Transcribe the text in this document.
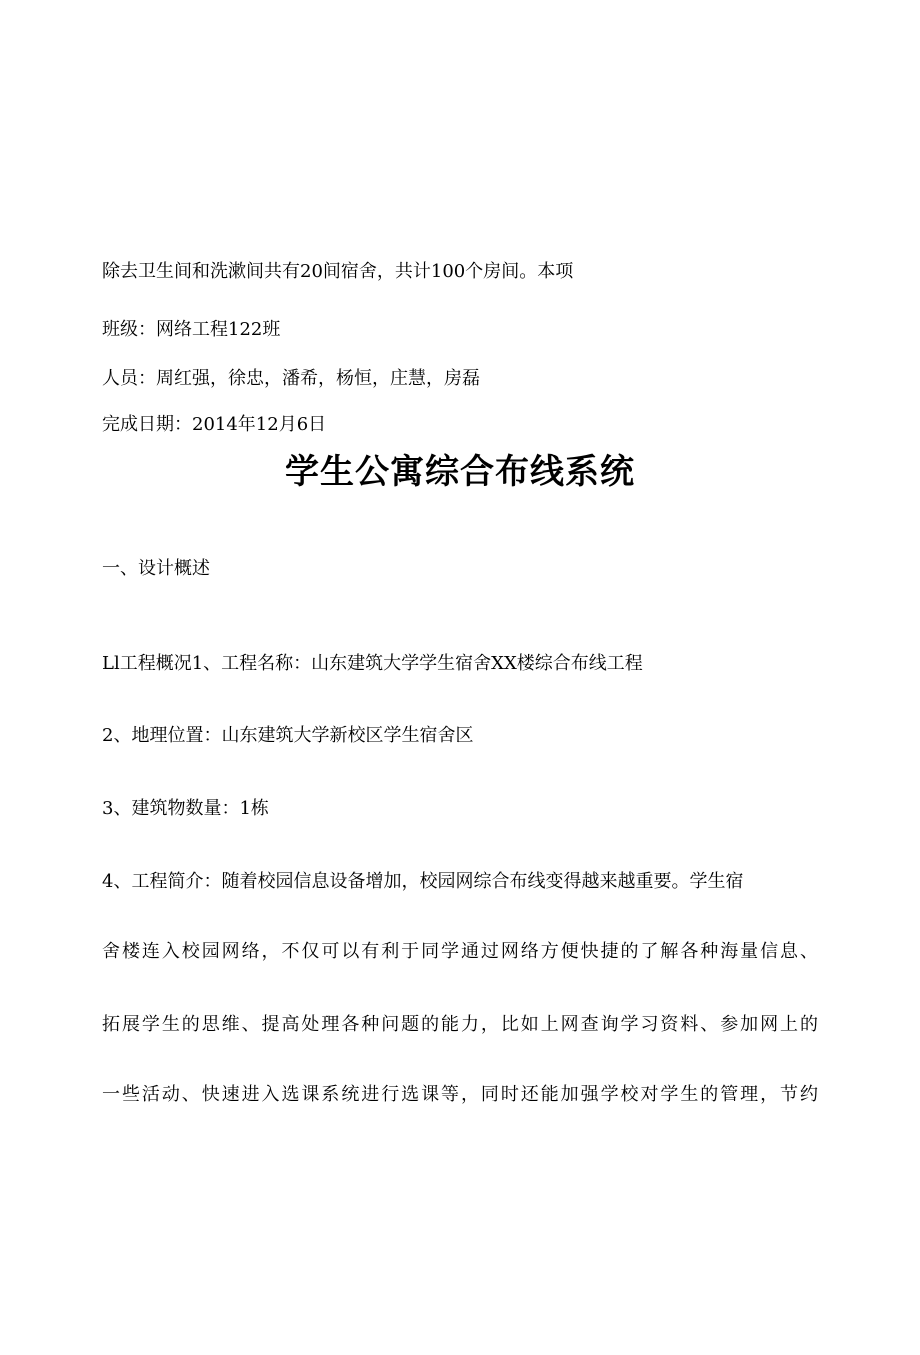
除去卫生间和洗漱间共有20间宿舍，共计100个房间。本项

班级：网络工程122班

人员：周红强，徐忠，潘希，杨恒，庄慧，房磊

完成日期：2014年12月6日

学生公寓综合布线系统

一、设计概述

Ll工程概况1、工程名称：山东建筑大学学生宿舍XX楼综合布线工程

2、地理位置：山东建筑大学新校区学生宿舍区

3、建筑物数量：1栋

4、工程简介：随着校园信息设备增加，校园网综合布线变得越来越重要。学生宿

舍楼连入校园网络，不仅可以有利于同学通过网络方便快捷的了解各种海量信息、

拓展学生的思维、提高处理各种问题的能力，比如上网查询学习资料、参加网上的

一些活动、快速进入选课系统进行选课等，同时还能加强学校对学生的管理，节约
